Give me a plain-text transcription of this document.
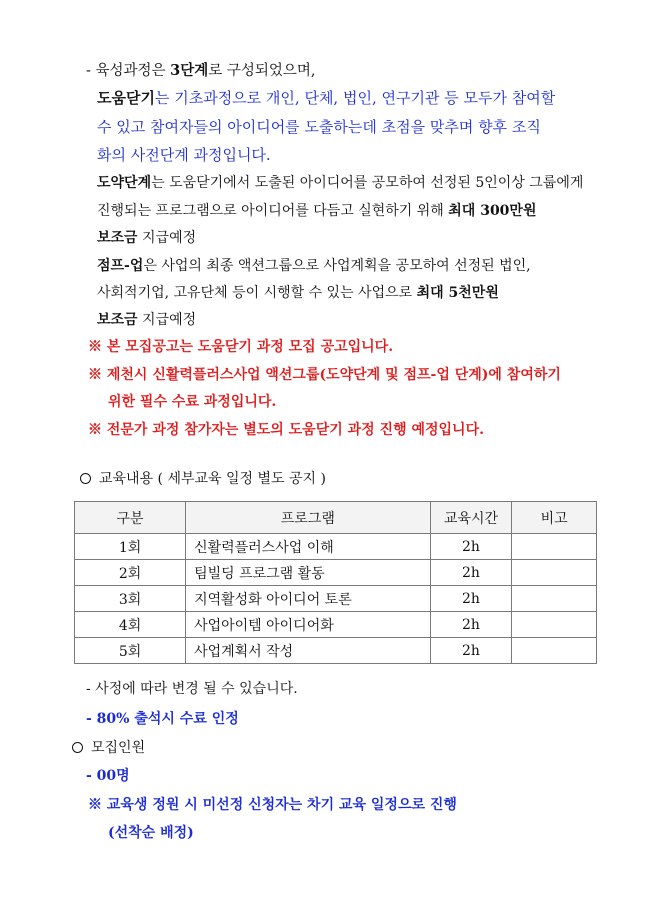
- 육성과정은 3단계로 구성되었으며,
도움닫기는 기초과정으로 개인, 단체, 법인, 연구기관 등 모두가 참여할
수 있고 참여자들의 아이디어를 도출하는데 초점을 맞추며 향후 조직
화의 사전단계 과정입니다.
도약단계는 도움닫기에서 도출된 아이디어를 공모하여 선정된 5인이상 그룹에게
진행되는 프로그램으로 아이디어를 다듬고 실현하기 위해 최대 300만원
보조금 지급예정
점프-업은 사업의 최종 액션그룹으로 사업계획을 공모하여 선정된 법인,
사회적기업, 고유단체 등이 시행할 수 있는 사업으로 최대 5천만원
보조금 지급예정
※ 본 모집공고는 도움닫기 과정 모집 공고입니다.
※ 제천시 신활력플러스사업 액션그룹(도약단계 및 점프-업 단계)에 참여하기
위한 필수 수료 과정입니다.
※ 전문가 과정 참가자는 별도의 도움닫기 과정 진행 예정입니다.
교육내용 ( 세부교육 일정 별도 공지 )
구분	프로그램	교육시간	비고
1회	신활력플러스사업 이해	2h	
2회	팀빌딩 프로그램 활동	2h	
3회	지역활성화 아이디어 토론	2h	
4회	사업아이템 아이디어화	2h	
5회	사업계획서 작성	2h	
- 사정에 따라 변경 될 수 있습니다.
- 80% 출석시 수료 인정
모집인원
- 00명
※ 교육생 정원 시 미선정 신청자는 차기 교육 일정으로 진행
(선착순 배정)
